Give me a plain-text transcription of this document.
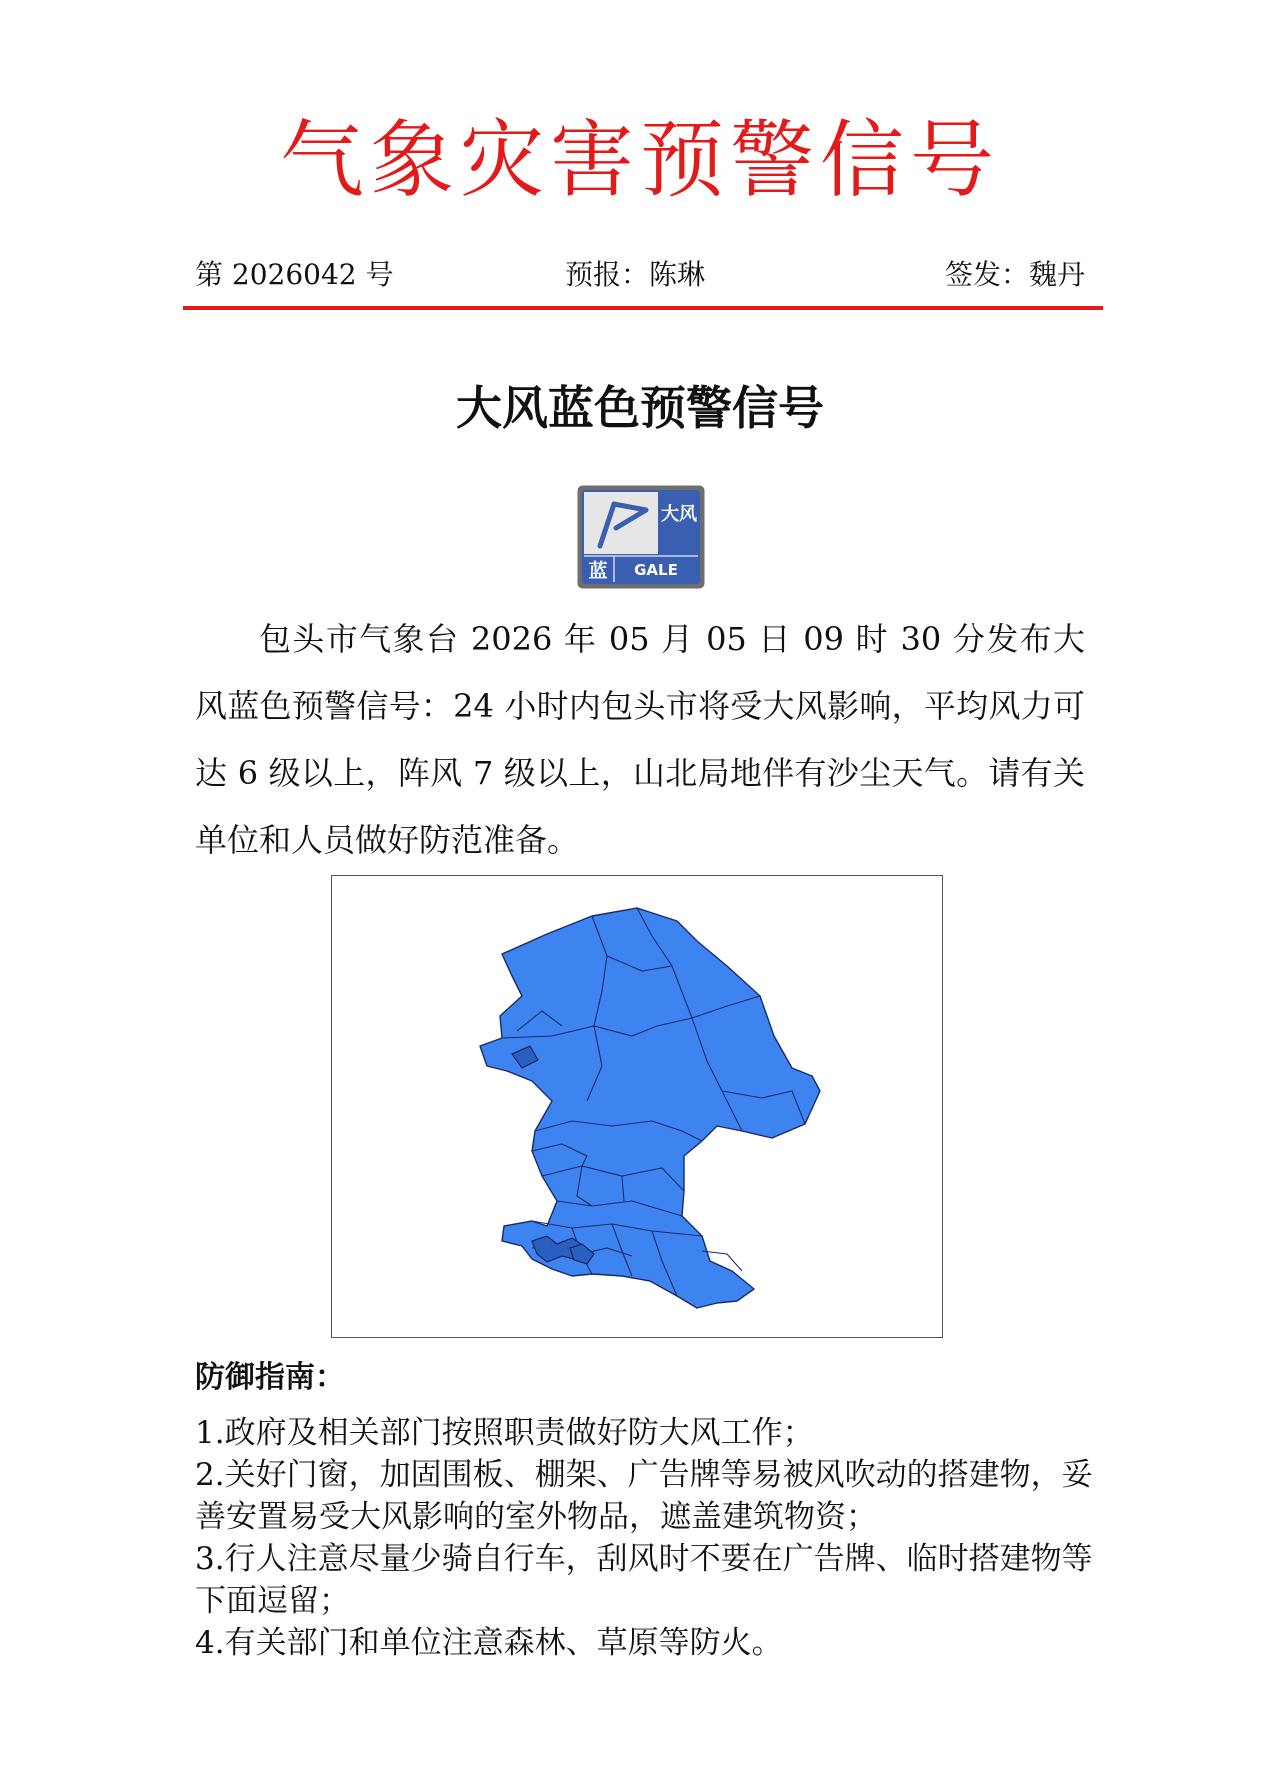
气象灾害预警信号
第 2026042 号	预报：陈琳	签发：魏丹
大风蓝色预警信号
大风
蓝 GALE
包头市气象台 2026 年 05 月 05 日 09 时 30 分发布大风蓝色预警信号：24 小时内包头市将受大风影响，平均风力可达 6 级以上，阵风 7 级以上，山北局地伴有沙尘天气。请有关单位和人员做好防范准备。
防御指南：

1.政府及相关部门按照职责做好防大风工作；

2.关好门窗，加固围板、棚架、广告牌等易被风吹动的搭建物，妥善安置易受大风影响的室外物品，遮盖建筑物资；

3.行人注意尽量少骑自行车，刮风时不要在广告牌、临时搭建物等下面逗留；

4.有关部门和单位注意森林、草原等防火。
